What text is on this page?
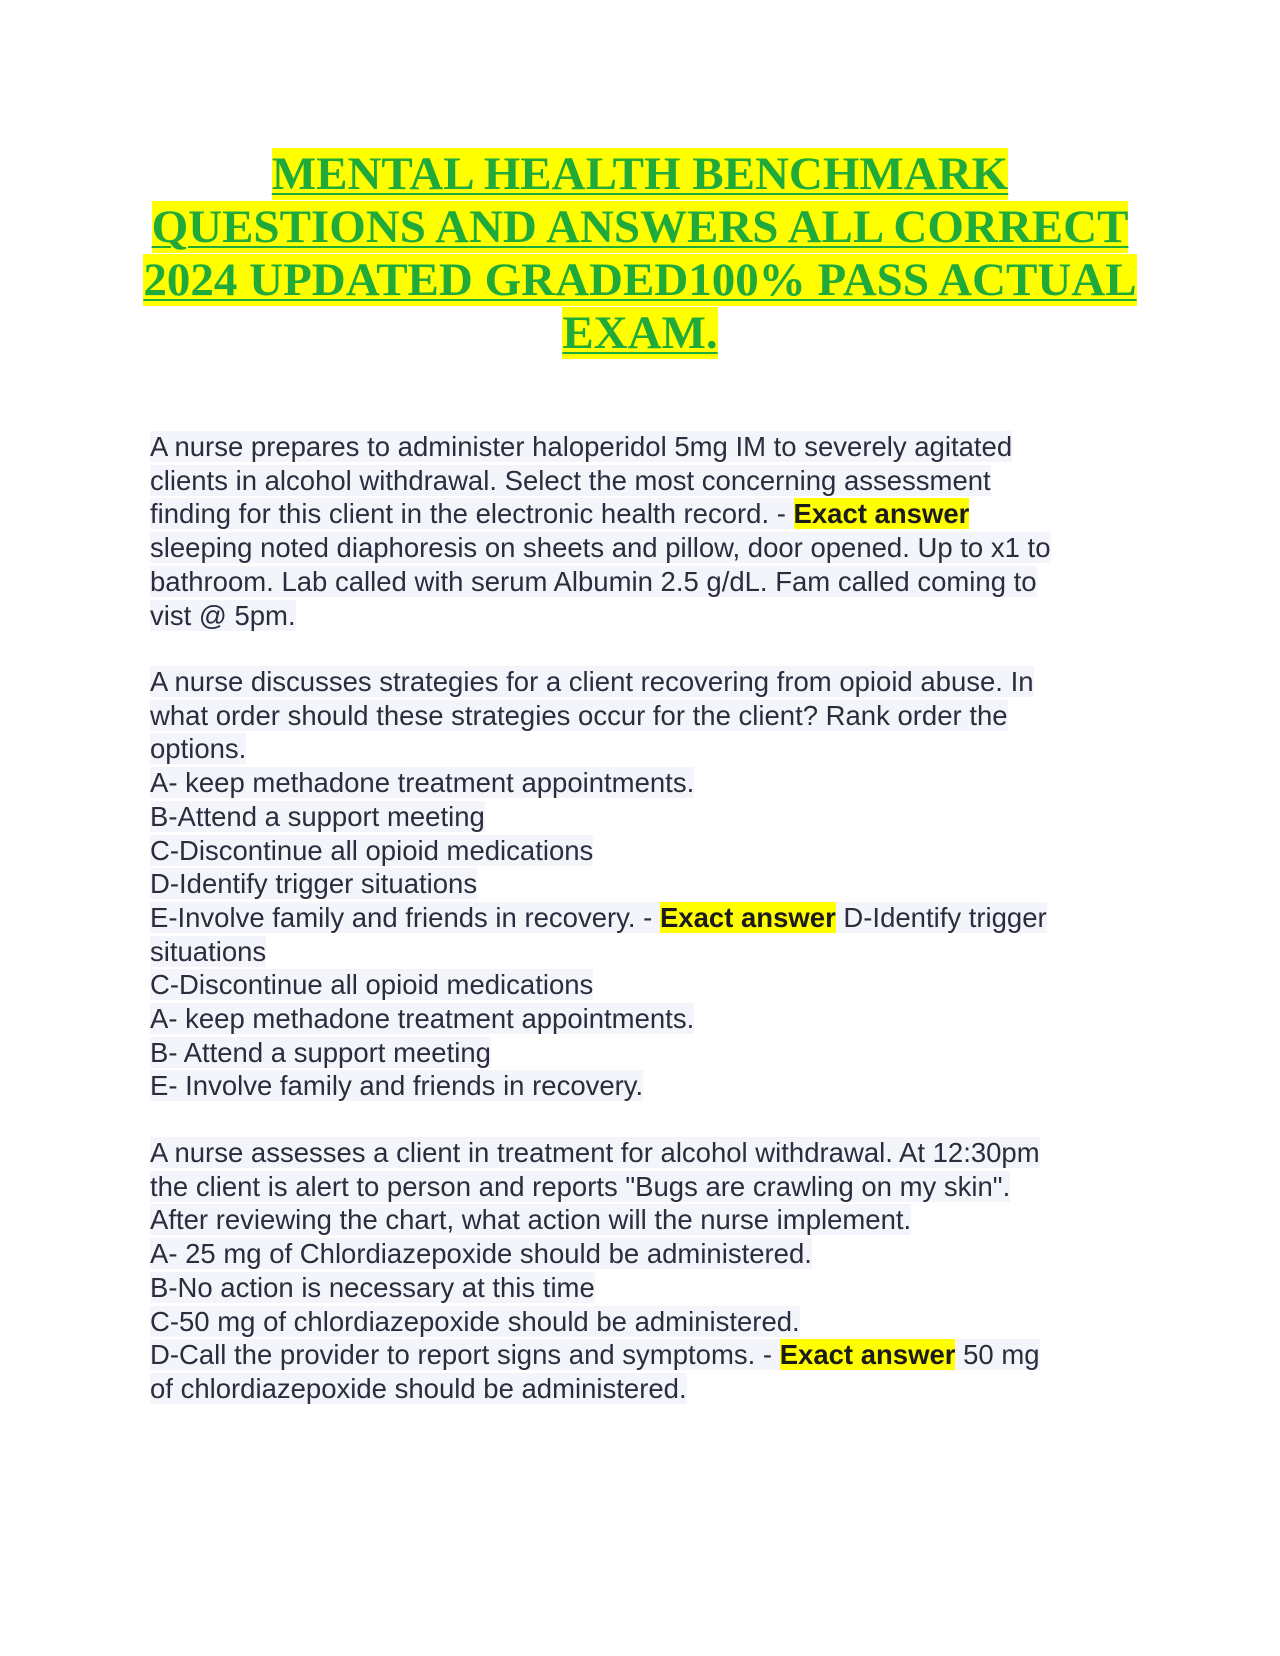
MENTAL HEALTH BENCHMARK
QUESTIONS AND ANSWERS ALL CORRECT
2024 UPDATED GRADED100% PASS ACTUAL
EXAM.
A nurse prepares to administer haloperidol 5mg IM to severely agitated
clients in alcohol withdrawal. Select the most concerning assessment
finding for this client in the electronic health record. - Exact answer
sleeping noted diaphoresis on sheets and pillow, door opened. Up to x1 to
bathroom. Lab called with serum Albumin 2.5 g/dL. Fam called coming to
vist @ 5pm.
A nurse discusses strategies for a client recovering from opioid abuse. In
what order should these strategies occur for the client? Rank order the
options.
A- keep methadone treatment appointments.
B-Attend a support meeting
C-Discontinue all opioid medications
D-Identify trigger situations
E-Involve family and friends in recovery. - Exact answer D-Identify trigger
situations
C-Discontinue all opioid medications
A- keep methadone treatment appointments.
B- Attend a support meeting
E- Involve family and friends in recovery.
A nurse assesses a client in treatment for alcohol withdrawal. At 12:30pm
the client is alert to person and reports "Bugs are crawling on my skin".
After reviewing the chart, what action will the nurse implement.
A- 25 mg of Chlordiazepoxide should be administered.
B-No action is necessary at this time
C-50 mg of chlordiazepoxide should be administered.
D-Call the provider to report signs and symptoms. - Exact answer 50 mg
of chlordiazepoxide should be administered.
